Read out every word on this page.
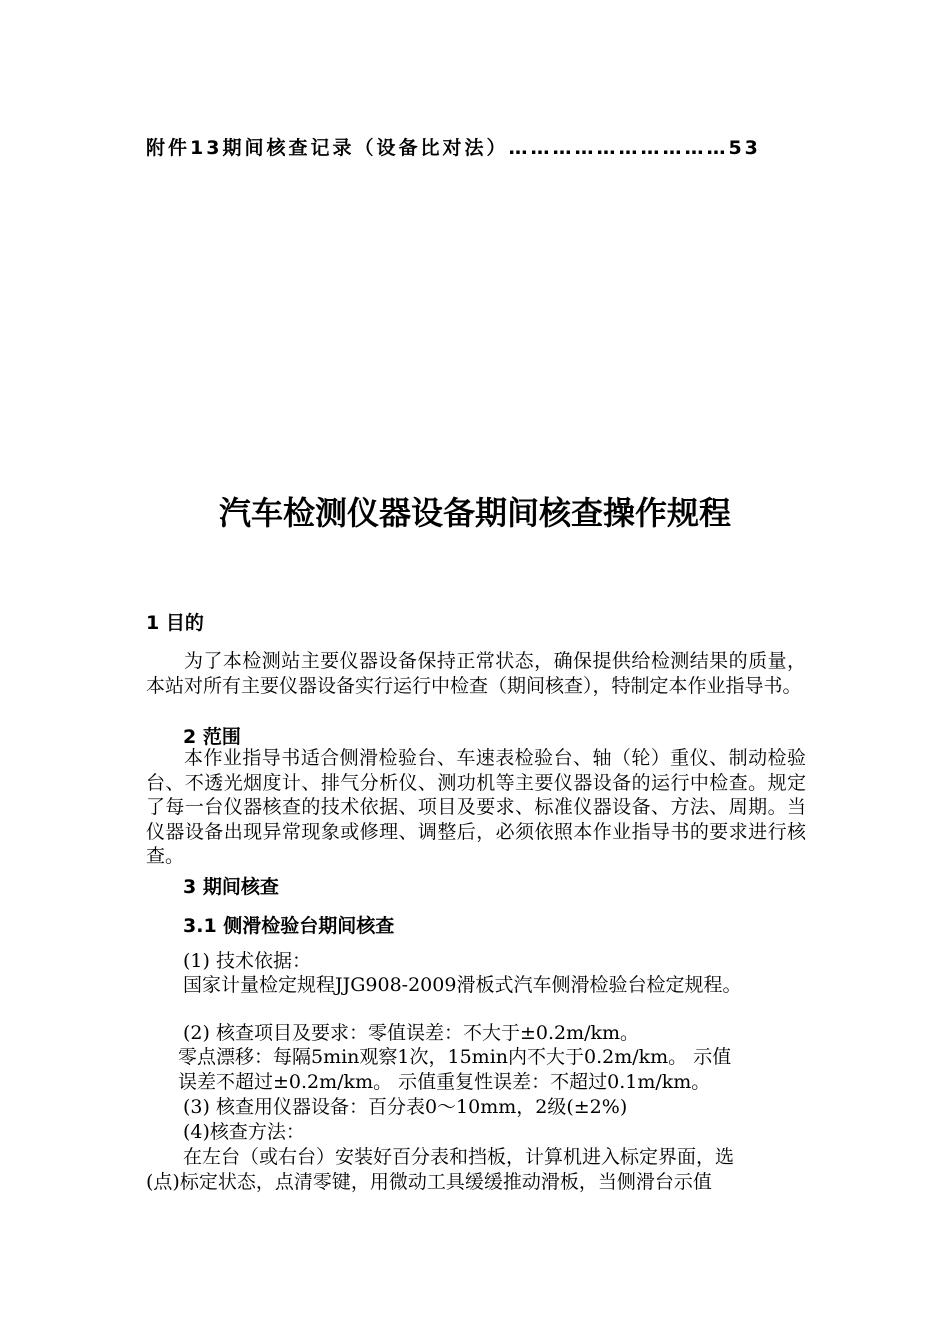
附件13期间核查记录（设备比对法）…………………………53
汽车检测仪器设备期间核查操作规程
1 目的
为了本检测站主要仪器设备保持正常状态，确保提供给检测结果的质量，本站对所有主要仪器设备实行运行中检查（期间核查），特制定本作业指导书。
2 范围
本作业指导书适合侧滑检验台、车速表检验台、轴（轮）重仪、制动检验台、不透光烟度计、排气分析仪、测功机等主要仪器设备的运行中检查。规定了每一台仪器核查的技术依据、项目及要求、标准仪器设备、方法、周期。当仪器设备出现异常现象或修理、调整后，必须依照本作业指导书的要求进行核查。
3 期间核查
3.1 侧滑检验台期间核查
(1) 技术依据：
国家计量检定规程JJG908-2009滑板式汽车侧滑检验台检定规程。
(2) 核查项目及要求：零值误差：不大于±0.2m/km。
零点漂移：每隔5min观察1次，15min内不大于0.2m/km。 示值
误差不超过±0.2m/km。 示值重复性误差：不超过0.1m/km。
(3) 核查用仪器设备：百分表0～10mm，2级(±2%)
(4)核查方法：
在左台（或右台）安装好百分表和挡板，计算机进入标定界面，选
(点)标定状态，点清零键，用微动工具缓缓推动滑板，当侧滑台示值
